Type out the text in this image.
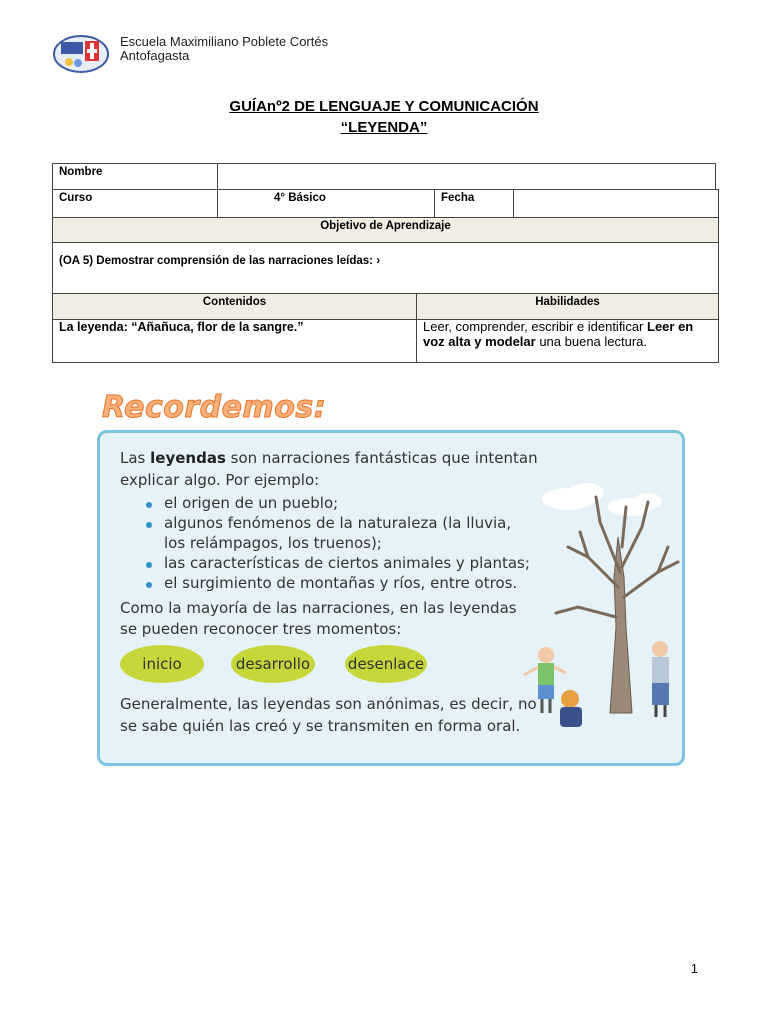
Escuela Maximiliano Poblete Cortés
Antofagasta
GUÍAnº2 DE LENGUAJE Y COMUNICACIÓN
“LEYENDA”
Nombre
Curso	4° Básico	Fecha
Objetivo de Aprendizaje
(OA 5) Demostrar comprensión de las narraciones leídas: ›
Contenidos	Habilidades
La leyenda: “Añañuca, flor de la sangre.”	Leer, comprender, escribir e identificar Leer en voz alta y modelar una buena lectura.
Recordemos:
Las leyendas son narraciones fantásticas que intentan
explicar algo. Por ejemplo:
el origen de un pueblo;
algunos fenómenos de la naturaleza (la lluvia,
los relámpagos, los truenos);
las características de ciertos animales y plantas;
el surgimiento de montañas y ríos, entre otros.
Como la mayoría de las narraciones, en las leyendas
se pueden reconocer tres momentos:
inicio	desarrollo	desenlace
Generalmente, las leyendas son anónimas, es decir, no
se sabe quién las creó y se transmiten en forma oral.
1
